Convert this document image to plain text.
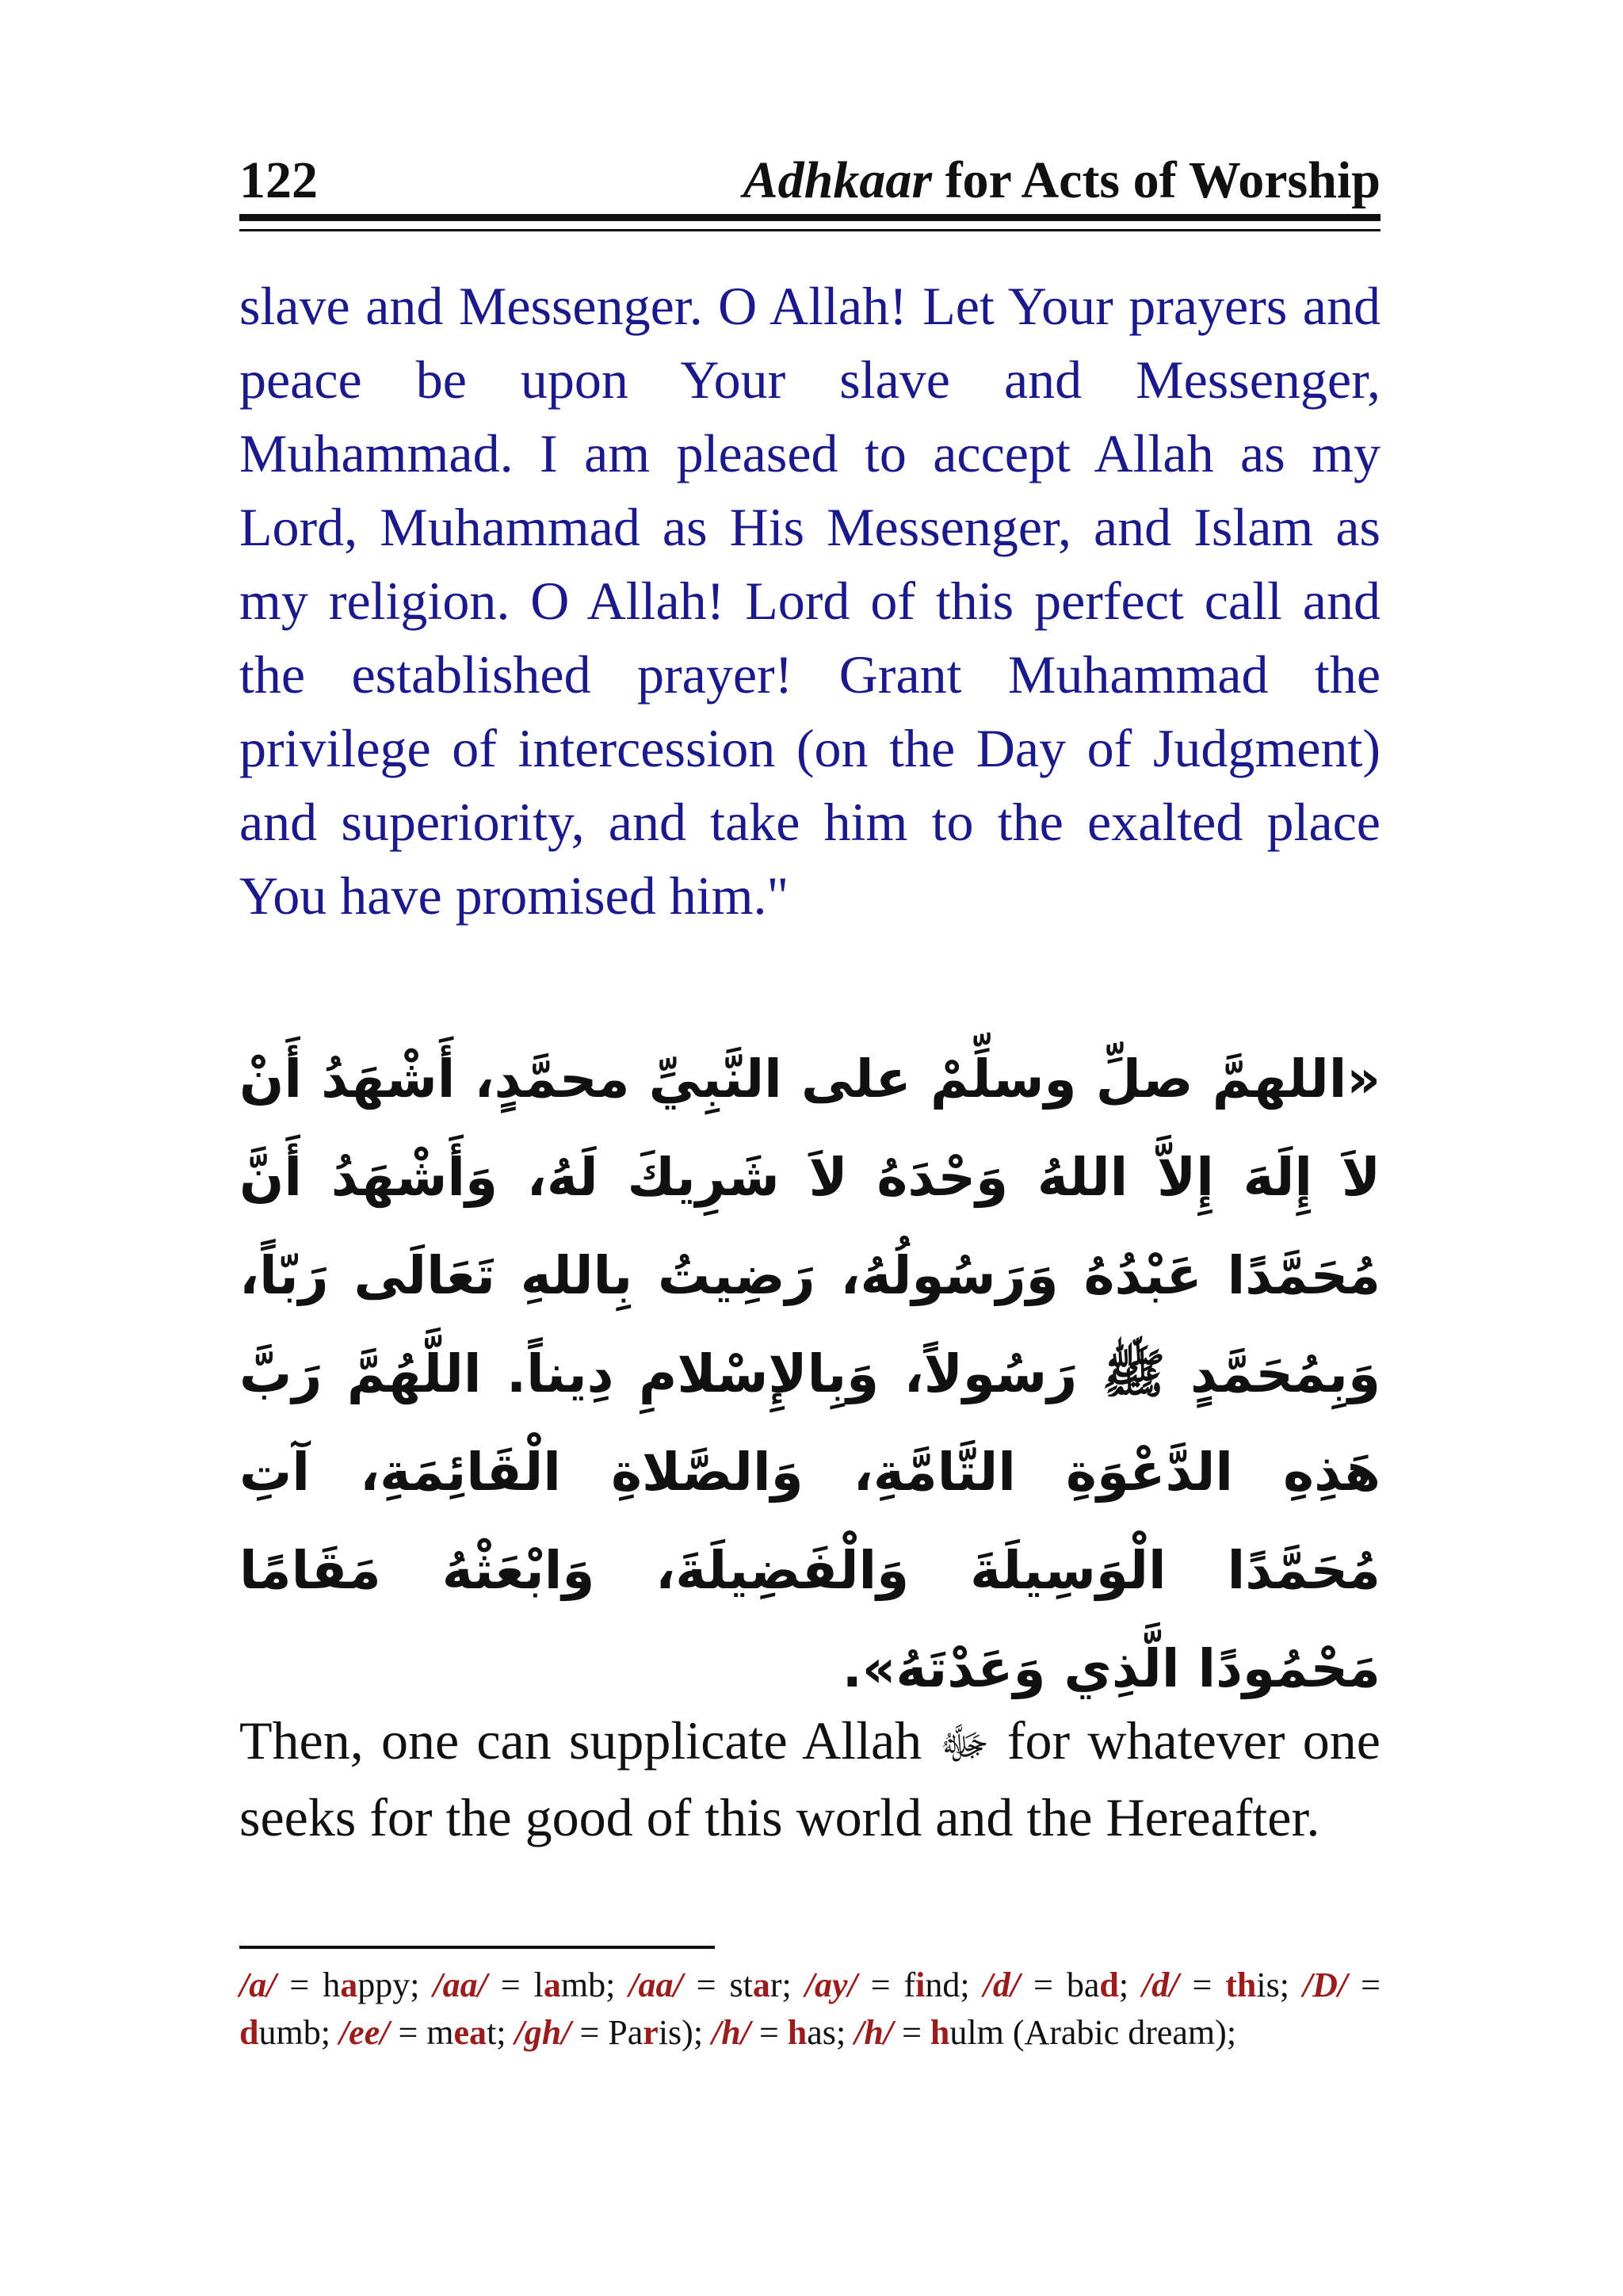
122	Adhkaar for Acts of Worship

slave and Messenger. O Allah! Let Your prayers and peace be upon Your slave and Messenger, Muhammad. I am pleased to accept Allah as my Lord, Muhammad as His Messenger, and Islam as my religion. O Allah! Lord of this perfect call and the established prayer! Grant Muhammad the privilege of intercession (on the Day of Judgment) and superiority, and take him to the exalted place You have promised him."

«اللهمَّ صلِّ وسلِّمْ على النَّبِيِّ محمَّدٍ، أَشْهَدُ أَنْ لاَ إِلَهَ إِلاَّ اللهُ وَحْدَهُ لاَ شَرِيكَ لَهُ، وَأَشْهَدُ أَنَّ مُحَمَّدًا عَبْدُهُ وَرَسُولُهُ، رَضِيتُ بِاللهِ تَعَالَى رَبّاً، وَبِمُحَمَّدٍ ﷺ رَسُولاً، وَبِالإِسْلامِ دِيناً. اللَّهُمَّ رَبَّ هَذِهِ الدَّعْوَةِ التَّامَّةِ، وَالصَّلاةِ الْقَائِمَةِ، آتِ مُحَمَّدًا الْوَسِيلَةَ وَالْفَضِيلَةَ، وَابْعَثْهُ مَقَامًا مَحْمُودًا الَّذِي وَعَدْتَهُ».

Then, one can supplicate Allah ﷻ for whatever one seeks for the good of this world and the Hereafter.

/a/ = happy; /aa/ = lamb; /aa/ = star; /ay/ = find; /d/ = bad; /d/ = this; /D/ = dumb; /ee/ = meat; /gh/ = Paris); /h/ = has; /h/ = hulm (Arabic dream);
